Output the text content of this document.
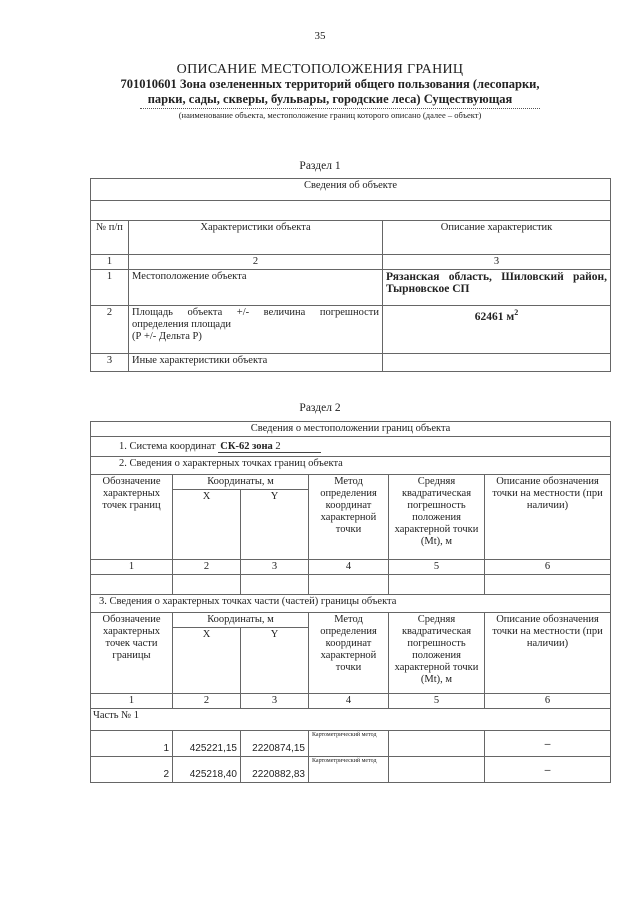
35
ОПИСАНИЕ МЕСТОПОЛОЖЕНИЯ ГРАНИЦ
701010601 Зона озелененных территорий общего пользования (лесопарки,
парки, сады, скверы, бульвары, городские леса) Существующая
(наименование объекта, местоположение границ которого описано (далее – объект)
Раздел 1
Сведения об объекте		

№ п/п	Характеристики объекта	Описание характеристик
1	2	3
1	Местоположение объекта	Рязанская область, Шиловский район, Тырновское СП
2	Площадь объекта +/- величина погрешности определения площади
(Р +/- Дельта Р)	62461 $м^2$
3	Иные характеристики объекта	
Раздел 2
Сведения о местоположении границ объекта					
1. Система координат СК-62 зона 2					
2. Сведения о характерных точках границ объекта					
Обозначение характерных точек границ	Координаты, м		Метод определения координат характерной точки	Средняя квадратическая погрешность положения характерной точки (Мt), м	Описание обозначения точки на местности (при наличии)
	X	Y			
1	2	3	4	5	6

3. Сведения о характерных точках части (частей) границы объекта					
Обозначение характерных точек части границы	Координаты, м		Метод определения координат характерной точки	Средняя квадратическая погрешность положения характерной точки (Мt), м	Описание обозначения точки на местности (при наличии)
	X	Y			
1	2	3	4	5	6
Часть № 1					
1	425221,15	2220874,15	Картометрический метод		–
2	425218,40	2220882,83	Картометрический метод		–
